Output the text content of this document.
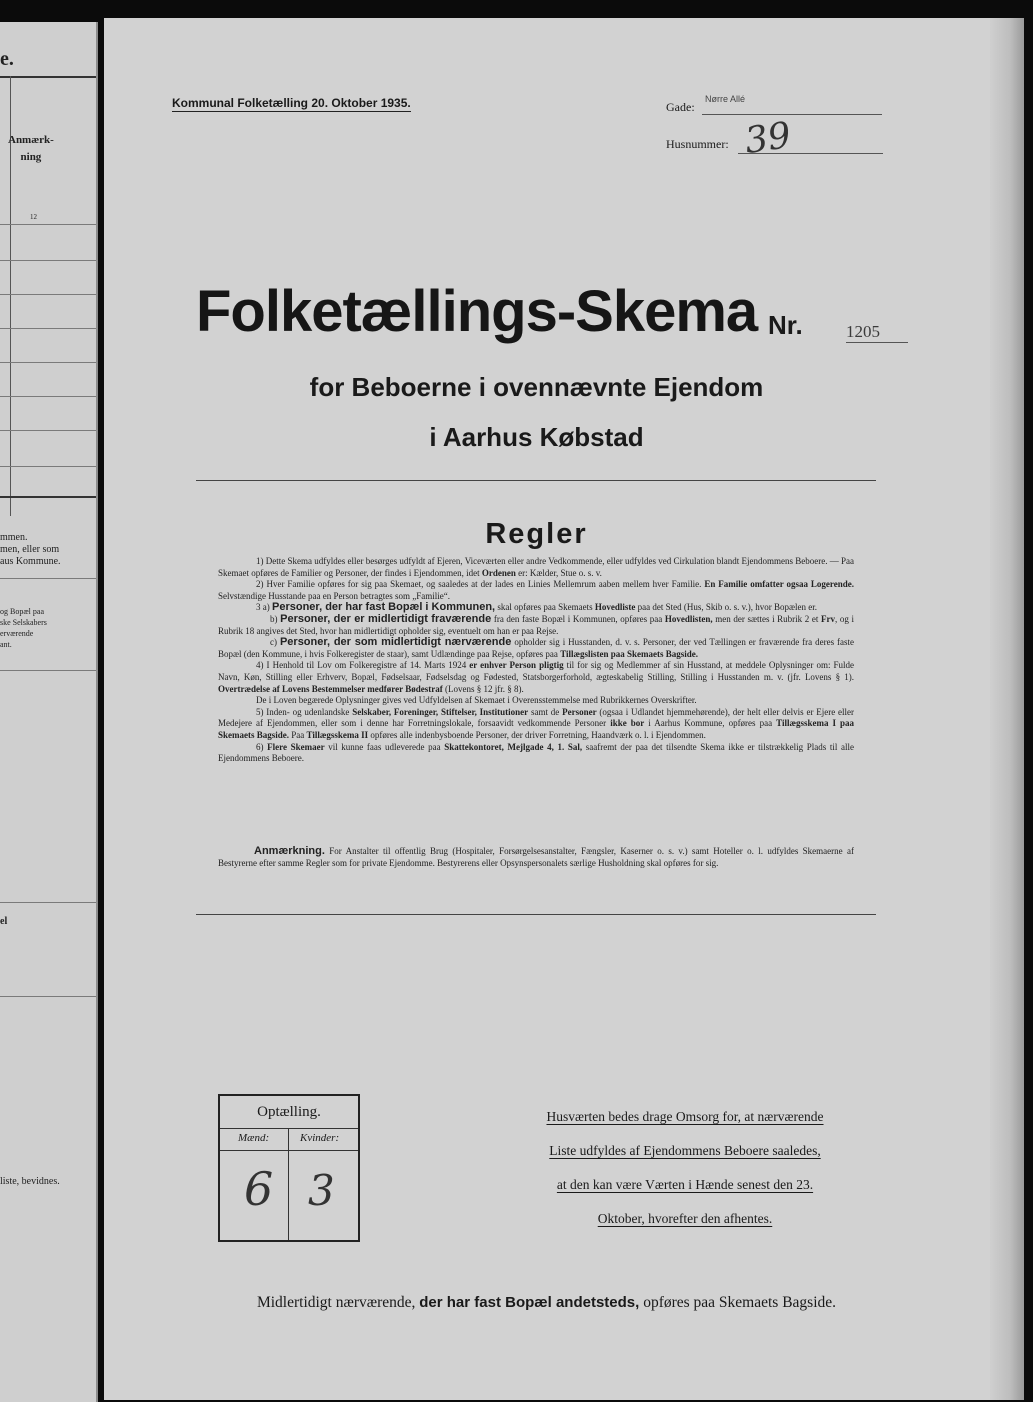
e.
Anmærk-
ning
12
mmen.
men, eller som
aus Kommune.
og Bopæl paa
ske Selskabers
erværende
ant.
el
liste, bevidnes.
Kommunal Folketælling 20. Oktober 1935.	Gade:
Nørre Allé
Husnummer: 39
Folketællings-Skema Nr.	1205
for Beboerne i ovennævnte Ejendom
i Aarhus Købstad
Regler

1) Dette Skema udfyldes eller besørges udfyldt af Ejeren, Viceværten eller andre Vedkommende, eller udfyldes ved Cirkulation blandt Ejendommens Beboere. — Paa Skemaet opføres de Familier og Personer, der findes i Ejendommen, idet Ordenen er: Kælder, Stue o. s. v.

2) Hver Familie opføres for sig paa Skemaet, og saaledes at der lades en Linies Mellemrum aaben mellem hver Familie. En Familie omfatter ogsaa Logerende. Selvstændige Husstande paa en Person betragtes som „Familie“.

3 a) Personer, der har fast Bopæl i Kommunen, skal opføres paa Skemaets Hovedliste paa det Sted (Hus, Skib o. s. v.), hvor Bopælen er.

b) Personer, der er midlertidigt fraværende fra den faste Bopæl i Kommunen, opføres paa Hovedlisten, men der sættes i Rubrik 2 et Frv, og i Rubrik 18 angives det Sted, hvor han midlertidigt opholder sig, eventuelt om han er paa Rejse.

c) Personer, der som midlertidigt nærværende opholder sig i Husstanden, d. v. s. Personer, der ved Tællingen er fraværende fra deres faste Bopæl (den Kommune, i hvis Folkeregister de staar), samt Udlændinge paa Rejse, opføres paa Tillægslisten paa Skemaets Bagside.

4) I Henhold til Lov om Folkeregistre af 14. Marts 1924 er enhver Person pligtig til for sig og Medlemmer af sin Husstand, at meddele Oplysninger om: Fulde Navn, Køn, Stilling eller Erhverv, Bopæl, Fødselsaar, Fødselsdag og Fødested, Statsborgerforhold, ægteskabelig Stilling, Stilling i Husstanden m. v. (jfr. Lovens § 1). Overtrædelse af Lovens Bestemmelser medfører Bødestraf (Lovens § 12 jfr. § 8).

De i Loven begærede Oplysninger gives ved Udfyldelsen af Skemaet i Overensstemmelse med Rubrikkernes Overskrifter.

5) Inden- og udenlandske Selskaber, Foreninger, Stiftelser, Institutioner samt de Personer (ogsaa i Udlandet hjemmehørende), der helt eller delvis er Ejere eller Medejere af Ejendommen, eller som i denne har Forretningslokale, forsaavidt vedkommende Personer ikke bor i Aarhus Kommune, opføres paa Tillægsskema I paa Skemaets Bagside. Paa Tillægsskema II opføres alle indenbysboende Personer, der driver Forretning, Haandværk o. l. i Ejendommen.

6) Flere Skemaer vil kunne faas udleverede paa Skattekontoret, Mejlgade 4, 1. Sal, saafremt der paa det tilsendte Skema ikke er tilstrækkelig Plads til alle Ejendommens Beboere.

Anmærkning. For Anstalter til offentlig Brug (Hospitaler, Forsørgelsesanstalter, Fængsler, Kaserner o. s. v.) samt Hoteller o. l. udfyldes Skemaerne af Bestyrerne efter samme Regler som for private Ejendomme. Bestyrerens eller Opsynspersonalets særlige Husholdning skal opføres for sig.

Optælling.
Mænd:	Kvinder:
6 3
Husværten bedes drage Omsorg for, at nærværende
Liste udfyldes af Ejendommens Beboere saaledes,
at den kan være Værten i Hænde senest den 23.
Oktober, hvorefter den afhentes.
Midlertidigt nærværende, der har fast Bopæl andetsteds, opføres paa Skemaets Bagside.
